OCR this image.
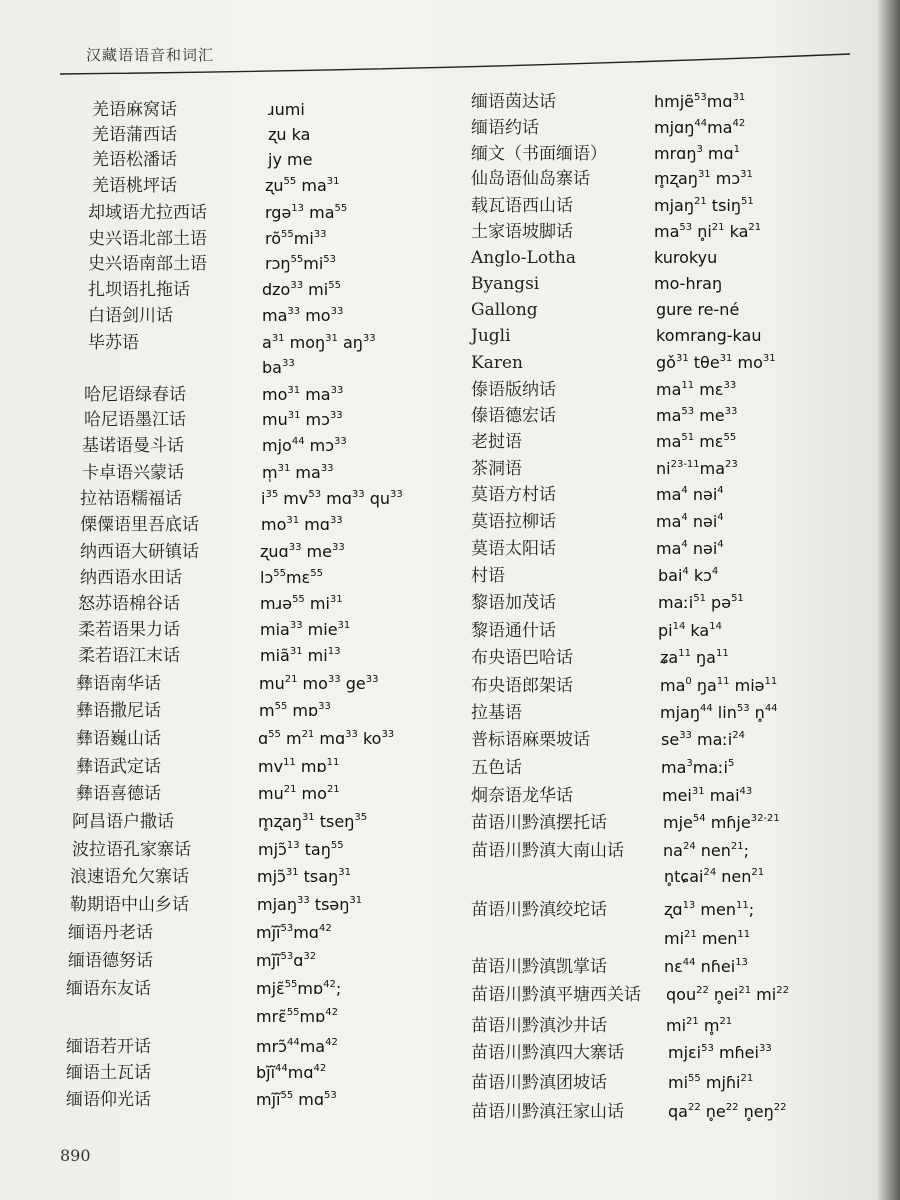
汉藏语语音和词汇
羌语麻窝话	ɹumi
羌语蒲西话	ʐu ka
羌语松潘话	jy me
羌语桃坪话	ʐu$^{55}$ $ma^{31}$
却域语尤拉西话	rgə$^{13}$ $ma^{55}$
史兴语北部土语	$rõ^{55}mi^{33}$
史兴语南部土语	$rɔŋ^{55}mi^{53}$
扎坝语扎拖话	dzo$^{33}$ $mi^{55}$
白语剑川话	$ma^{33}$ $mo^{33}$
毕苏语	$a^{31}$ moŋ$^{31}$ $aŋ^{33}$
$ba^{33}$
哈尼语绿春话	$mo^{31}$ $ma^{33}$
哈尼语墨江话	$mu^{31}$ mɔ$^{33}$
基诺语曼斗话	mjo$^{44}$ mɔ$^{33}$
卡卓语兴蒙话	m̩$^{31}$ $ma^{33}$
拉祜语糯福话	$i^{35}$ $mv^{53}$ mɑ$^{33}$ $qu^{33}$
傈僳语里吾底话	$mo^{31}$ mɑ$^{33}$
纳西语大研镇话	ʐuɑ$^{33}$ $me^{33}$
纳西语水田话	lɔ$^{55}$mɛ$^{55}$
怒苏语棉谷话	mɹə$^{55}$ $mi^{31}$
柔若语果力话	mia$^{33}$ mie$^{31}$
柔若语江末话	miã$^{31}$ $mi^{13}$
彝语南华话	$mu^{21}$ $mo^{33}$ $ge^{33}$
彝语撒尼话	$m^{55}$ mɒ$^{33}$
彝语巍山话	ɑ$^{55}$ $m^{21}$ mɑ$^{33}$ $ko^{33}$
彝语武定话	$mv^{11}$ mɒ$^{11}$
彝语喜德话	$mu^{21}$ $mo^{21}$
阿昌语户撒话	m̥ʐaŋ$^{31}$ tseŋ$^{35}$
波拉语孔家寨话	mjɔ̃$^{13}$ taŋ$^{55}$
浪速语允欠寨话	mjɔ̃$^{31}$ tsaŋ$^{31}$
勒期语中山乡话	mjaŋ$^{33}$ tsəŋ$^{31}$
缅语丹老话	$mj̃ĩ^{53}mɑ^{42}$
缅语德努话	$mj̃ĩ^{53}ɑ^{32}$
缅语东友话	mjɛ̃$^{55}$mɒ$^{42}$;
mrɛ̃$^{55}$mɒ$^{42}$
缅语若开话	$mrɔ̃^{44}ma^{42}$
缅语土瓦话	$bj̃ĩ^{44}mɑ^{42}$
缅语仰光话	$mj̃ĩ^{55}$ mɑ$^{53}$
缅语茵达话	hmjẽ$^{53}$mɑ$^{31}$
缅语约话	$mjɑŋ^{44}ma^{42}$
缅文（书面缅语）	mrɑŋ$^3$ mɑ$^1$
仙岛语仙岛寨话	m̥ʐaŋ$^{31}$ mɔ$^{31}$
载瓦语西山话	mjaŋ$^{21}$ tsiŋ$^{51}$
土家语坡脚话	$ma^{53}$ $n̥i^{21}$ $ka^{21}$
Anglo-Lotha	kurokyu
Byangsi	mo-hraŋ
Gallong	gure re-né
Jugli	komrang-kau
Karen	$gǒ^{31}$ tθe$^{31}$ $mo^{31}$
傣语版纳话	$ma^{11}$ mɛ$^{33}$
傣语德宏话	$ma^{53}$ $me^{33}$
老挝语	$ma^{51}$ mɛ$^{55}$
茶洞语	$ni^{23-11}ma^{23}$
莫语方村话	$ma^4$ nəi$^4$
莫语拉柳话	$ma^4$ nəi$^4$
莫语太阳话	$ma^4$ nəi$^4$
村语	bai$^4$ kɔ$^4$
黎语加茂话	maːi$^{51}$ pə$^{51}$
黎语通什话	$pi^{14}$ $ka^{14}$
布央语巴哈话	ʑa$^{11}$ $ŋa^{11}$
布央语郎架话	$ma^0$ $ŋa^{11}$ miə$^{11}$
拉基语	mjaŋ$^{44}$ lin$^{53}$ n̥$^{44}$
普标语麻栗坡话	$se^{33}$ maːi$^{24}$
五色话	$ma^3maːi^5$
炯奈语龙华话	mei$^{31}$ mai$^{43}$
苗语川黔滇摆托话	mje$^{54}$ mɦje$^{32-21}$
苗语川黔滇大南山话 $na^{24}$ nen$^{21}$;
n̥tɕai$^{24}$ nen$^{21}$
苗语川黔滇绞坨话	ʐɑ$^{13}$ men$^{11}$;
$mi^{21}$ men$^{11}$
苗语川黔滇凯掌话	nɛ$^{44}$ nɦei$^{13}$
苗语川黔滇平塘西关话 qou$^{22}$ $n̥ei^{21}$ $mi^{22}$
苗语川黔滇沙井话	$mi^{21}$ m̥$^{21}$
苗语川黔滇四大寨话	mjɛi$^{53}$ mɦei$^{33}$
苗语川黔滇团坡话	$mi^{55}$ mjɦi$^{21}$
苗语川黔滇汪家山话	$qa^{22}$ $n̥e^{22}$ $n̥eŋ^{22}$
890
